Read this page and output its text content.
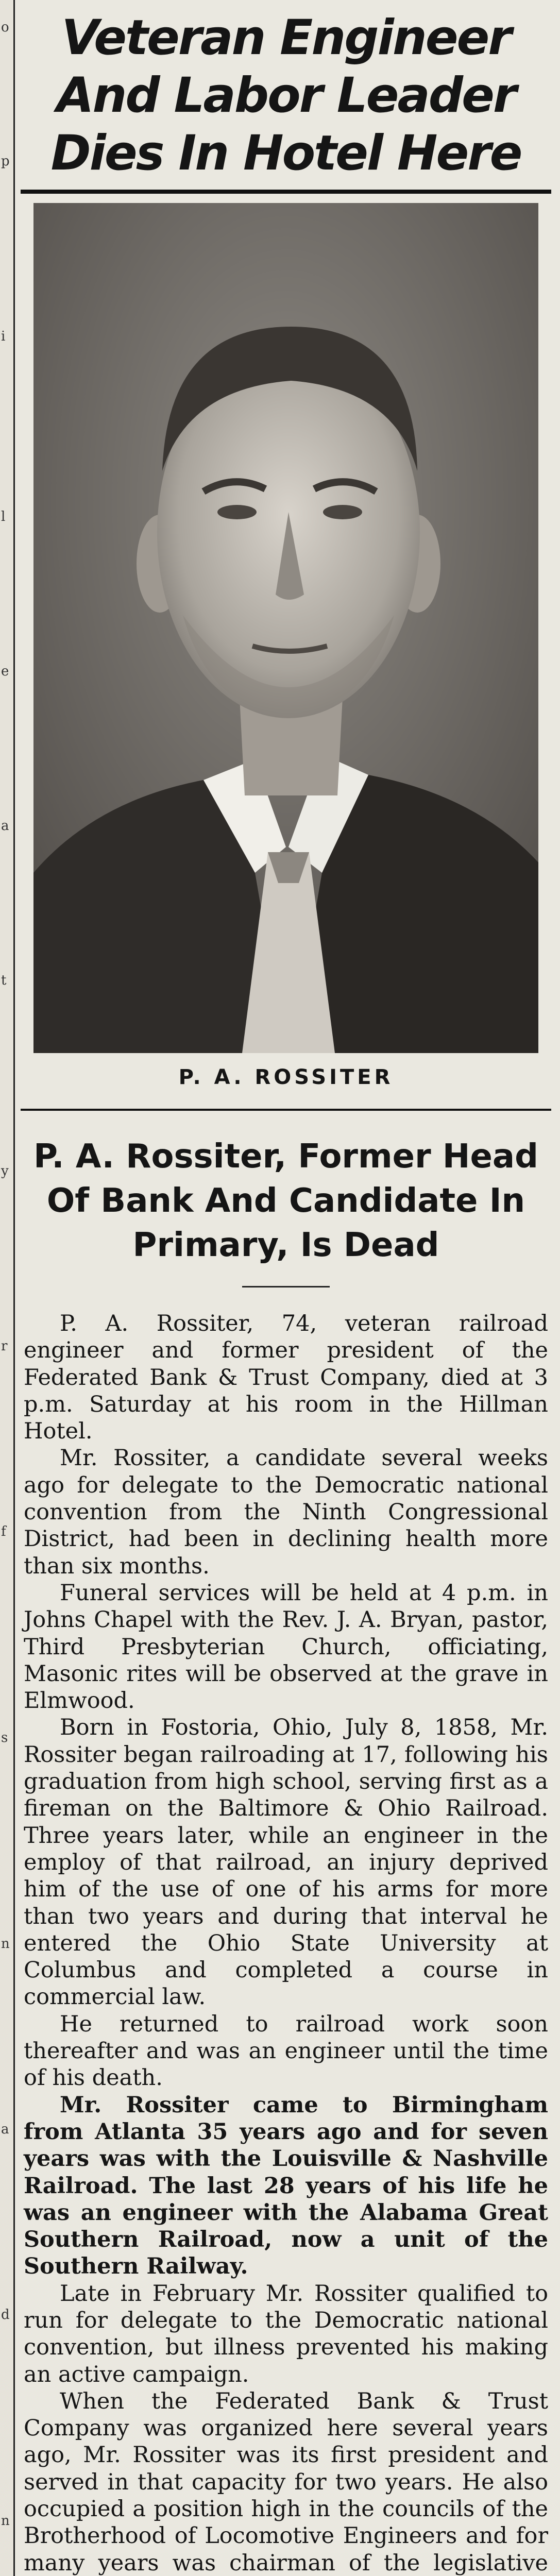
o
p
i
l
e
a
t
y
r
f
s
n
a
d
n
Veteran Engineer
And Labor Leader
Dies In Hotel Here
P. A. ROSSITER
P. A. Rossiter, Former Head
Of Bank And Candidate In
Primary, Is Dead

P. A. Rossiter, 74, veteran railroad engineer and former president of the Federated Bank & Trust Company, died at 3 p.m. Saturday at his room in the Hillman Hotel.

Mr. Rossiter, a candidate several weeks ago for delegate to the Democratic national convention from the Ninth Congressional District, had been in declining health more than six months.

Funeral services will be held at 4 p.m. in Johns Chapel with the Rev. J. A. Bryan, pastor, Third Presbyterian Church, officiating, Masonic rites will be observed at the grave in Elmwood.

Born in Fostoria, Ohio, July 8, 1858, Mr. Rossiter began railroading at 17, following his graduation from high school, serving first as a fireman on the Baltimore & Ohio Railroad. Three years later, while an engineer in the employ of that railroad, an injury deprived him of the use of one of his arms for more than two years and during that interval he entered the Ohio State University at Columbus and completed a course in commercial law.

He returned to railroad work soon thereafter and was an engineer until the time of his death.

Mr. Rossiter came to Birmingham from Atlanta 35 years ago and for seven years was with the Louisville & Nashville Railroad. The last 28 years of his life he was an engineer with the Alabama Great Southern Railroad, now a unit of the Southern Railway.

Late in February Mr. Rossiter qualified to run for delegate to the Democratic national convention, but illness prevented his making an active campaign.

When the Federated Bank & Trust Company was organized here several years ago, Mr. Rossiter was its first president and served in that capacity for two years. He also occupied a position high in the councils of the Brotherhood of Locomotive Engineers and for many years was chairman of the legislative
